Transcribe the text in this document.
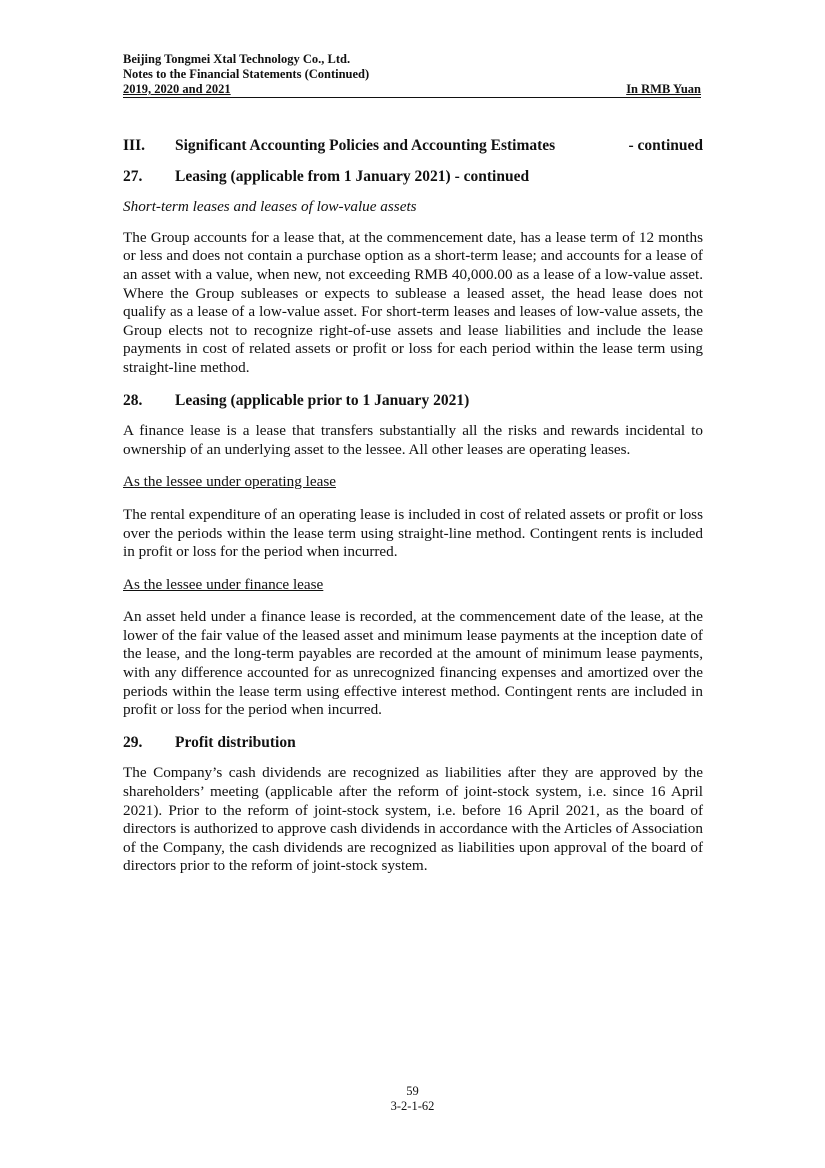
Beijing Tongmei Xtal Technology Co., Ltd.
Notes to the Financial Statements (Continued)
2019, 2020 and 2021	In RMB Yuan
III.	Significant Accounting Policies and Accounting Estimates	- continued
27.	Leasing (applicable from 1 January 2021) - continued
Short-term leases and leases of low-value assets

The Group accounts for a lease that, at the commencement date, has a lease term of 12 months or less and does not contain a purchase option as a short-term lease; and accounts for a lease of an asset with a value, when new, not exceeding RMB 40,000.00 as a lease of a low-value asset. Where the Group subleases or expects to sublease a leased asset, the head lease does not qualify as a lease of a low-value asset. For short-term leases and leases of low-value assets, the Group elects not to recognize right-of-use assets and lease liabilities and include the lease payments in cost of related assets or profit or loss for each period within the lease term using straight-line method.

28.	Leasing (applicable prior to 1 January 2021)

A finance lease is a lease that transfers substantially all the risks and rewards incidental to ownership of an underlying asset to the lessee. All other leases are operating leases.

As the lessee under operating lease

The rental expenditure of an operating lease is included in cost of related assets or profit or loss over the periods within the lease term using straight-line method. Contingent rents is included in profit or loss for the period when incurred.

As the lessee under finance lease

An asset held under a finance lease is recorded, at the commencement date of the lease, at the lower of the fair value of the leased asset and minimum lease payments at the inception date of the lease, and the long-term payables are recorded at the amount of minimum lease payments, with any difference accounted for as unrecognized financing expenses and amortized over the periods within the lease term using effective interest method. Contingent rents are included in profit or loss for the period when incurred.

29.	Profit distribution

The Company’s cash dividends are recognized as liabilities after they are approved by the shareholders’ meeting (applicable after the reform of joint-stock system, i.e. since 16 April 2021). Prior to the reform of joint-stock system, i.e. before 16 April 2021, as the board of directors is authorized to approve cash dividends in accordance with the Articles of Association of the Company, the cash dividends are recognized as liabilities upon approval of the board of directors prior to the reform of joint-stock system.

59
3-2-1-62
